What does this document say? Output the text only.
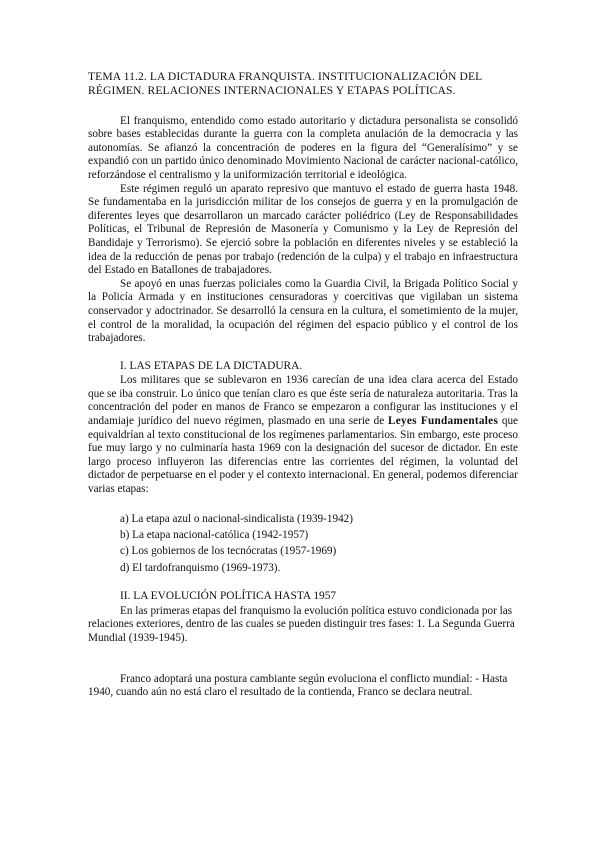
TEMA 11.2. LA DICTADURA FRANQUISTA. INSTITUCIONALIZACIÓN DEL RÉGIMEN. RELACIONES INTERNACIONALES Y ETAPAS POLÍTICAS.

El franquismo, entendido como estado autoritario y dictadura personalista se consolidó sobre bases establecidas durante la guerra con la completa anulación de la democracia y las autonomías. Se afianzó la concentración de poderes en la figura del “Generalísimo” y se expandió con un partido único denominado Movimiento Nacional de carácter nacional-católico, reforzándose el centralismo y la uniformización territorial e ideológica.

Este régimen reguló un aparato represivo que mantuvo el estado de guerra hasta 1948. Se fundamentaba en la jurisdicción militar de los consejos de guerra y en la promulgación de diferentes leyes que desarrollaron un marcado carácter poliédrico (Ley de Responsabilidades Políticas, el Tribunal de Represión de Masonería y Comunismo y la Ley de Represión del Bandidaje y Terrorismo). Se ejerció sobre la población en diferentes niveles y se estableció la idea de la reducción de penas por trabajo (redención de la culpa) y el trabajo en infraestructura del Estado en Batallones de trabajadores.

Se apoyó en unas fuerzas policiales como la Guardia Civil, la Brigada Político Social y la Policía Armada y en instituciones censuradoras y coercitivas que vigilaban un sistema conservador y adoctrinador. Se desarrolló la censura en la cultura, el sometimiento de la mujer, el control de la moralidad, la ocupación del régimen del espacio público y el control de los trabajadores.

I. LAS ETAPAS DE LA DICTADURA.

Los militares que se sublevaron en 1936 carecían de una idea clara acerca del Estado que se iba construir. Lo único que tenían claro es que éste sería de naturaleza autoritaria. Tras la concentración del poder en manos de Franco se empezaron a configurar las instituciones y el andamiaje jurídico del nuevo régimen, plasmado en una serie de Leyes Fundamentales que equivaldrían al texto constitucional de los regímenes parlamentarios. Sin embargo, este proceso fue muy largo y no culminaría hasta 1969 con la designación del sucesor de dictador. En este largo proceso influyeron las diferencias entre las corrientes del régimen, la voluntad del dictador de perpetuarse en el poder y el contexto internacional. En general, podemos diferenciar varias etapas:

a) La etapa azul o nacional-sindicalista (1939-1942)
b) La etapa nacional-católica (1942-1957)
c) Los gobiernos de los tecnócratas (1957-1969)
d) El tardofranquismo (1969-1973).
II. LA EVOLUCIÓN POLÍTICA HASTA 1957

En las primeras etapas del franquismo la evolución política estuvo condicionada por las relaciones exteriores, dentro de las cuales se pueden distinguir tres fases: 1. La Segunda Guerra Mundial (1939-1945).

Franco adoptará una postura cambiante según evoluciona el conflicto mundial: - Hasta 1940, cuando aún no está claro el resultado de la contienda, Franco se declara neutral.
